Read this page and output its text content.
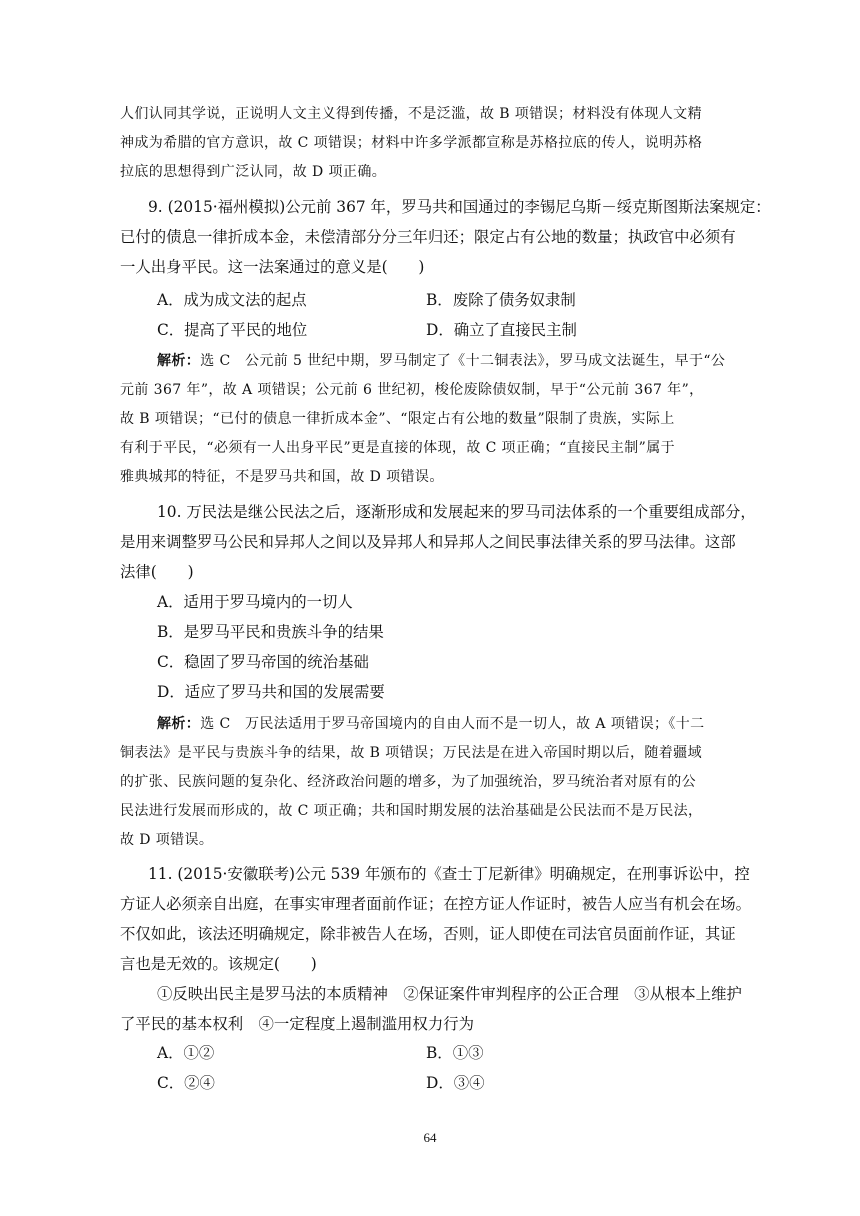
人们认同其学说，正说明人文主义得到传播，不是泛滥，故 B 项错误；材料没有体现人文精
神成为希腊的官方意识，故 C 项错误；材料中许多学派都宣称是苏格拉底的传人，说明苏格
拉底的思想得到广泛认同，故 D 项正确。
9. (2015·福州模拟)公元前 367 年，罗马共和国通过的李锡尼乌斯－绥克斯图斯法案规定：
已付的债息一律折成本金，未偿清部分分三年归还；限定占有公地的数量；执政官中必须有
一人出身平民。这一法案通过的意义是(　　)
A．成为成文法的起点	B．废除了债务奴隶制
C．提高了平民的地位	D．确立了直接民主制
解析：选 C　公元前 5 世纪中期，罗马制定了《十二铜表法》，罗马成文法诞生，早于“公
元前 367 年”，故 A 项错误；公元前 6 世纪初，梭伦废除债奴制，早于“公元前 367 年”，
故 B 项错误；“已付的债息一律折成本金”、“限定占有公地的数量”限制了贵族，实际上
有利于平民，“必须有一人出身平民”更是直接的体现，故 C 项正确；“直接民主制”属于
雅典城邦的特征，不是罗马共和国，故 D 项错误。
10. 万民法是继公民法之后，逐渐形成和发展起来的罗马司法体系的一个重要组成部分，
是用来调整罗马公民和异邦人之间以及异邦人和异邦人之间民事法律关系的罗马法律。这部
法律(　　)
A．适用于罗马境内的一切人
B．是罗马平民和贵族斗争的结果
C．稳固了罗马帝国的统治基础
D．适应了罗马共和国的发展需要
解析：选 C　万民法适用于罗马帝国境内的自由人而不是一切人，故 A 项错误；《十二
铜表法》是平民与贵族斗争的结果，故 B 项错误；万民法是在进入帝国时期以后，随着疆域
的扩张、民族问题的复杂化、经济政治问题的增多，为了加强统治，罗马统治者对原有的公
民法进行发展而形成的，故 C 项正确；共和国时期发展的法治基础是公民法而不是万民法，
故 D 项错误。
11. (2015·安徽联考)公元 539 年颁布的《查士丁尼新律》明确规定，在刑事诉讼中，控
方证人必须亲自出庭，在事实审理者面前作证；在控方证人作证时，被告人应当有机会在场。
不仅如此，该法还明确规定，除非被告人在场，否则，证人即使在司法官员面前作证，其证
言也是无效的。该规定(　　)
①反映出民主是罗马法的本质精神　②保证案件审判程序的公正合理　③从根本上维护
了平民的基本权利　④一定程度上遏制滥用权力行为
A．①②	B．①③
C．②④	D．③④
64
